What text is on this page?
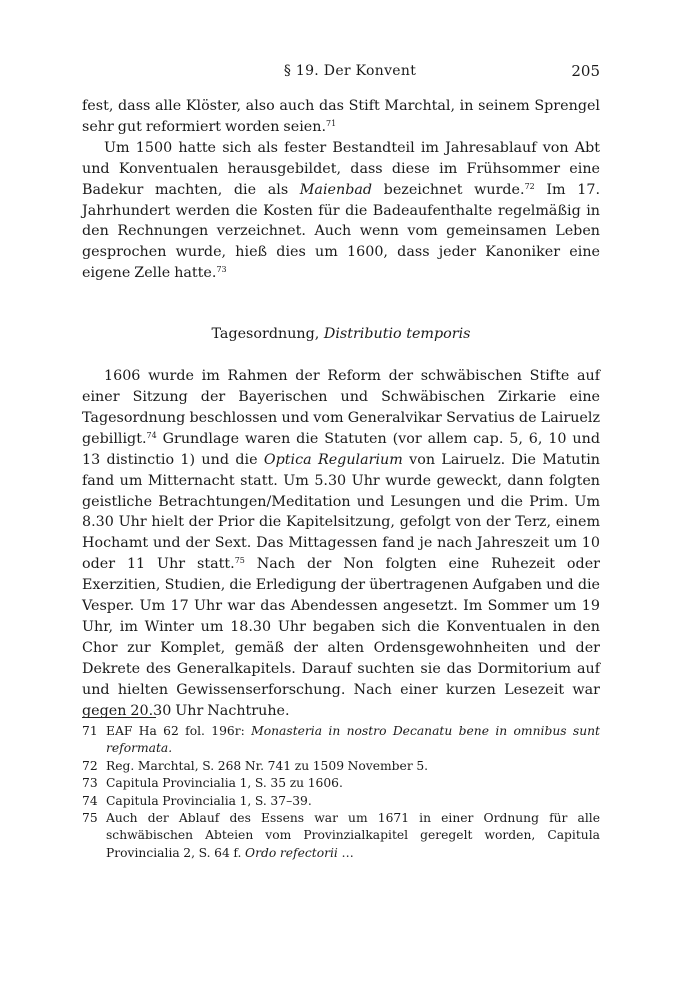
§ 19. Der Konvent	205

fest, dass alle Klöster, also auch das Stift Marchtal, in seinem Sprengel sehr gut reformiert worden seien.$^{71}$

Um 1500 hatte sich als fester Bestandteil im Jahresablauf von Abt und Konventualen herausgebildet, dass diese im Frühsommer eine Badekur machten, die als Maienbad bezeichnet wurde.$^{72}$ Im 17. Jahrhundert werden die Kosten für die Badeaufenthalte regelmäßig in den Rechnungen verzeichnet. Auch wenn vom gemeinsamen Leben gesprochen wurde, hieß dies um 1600, dass jeder Kanoniker eine eigene Zelle hatte.$^{73}$

Tagesordnung, Distributio temporis

1606 wurde im Rahmen der Reform der schwäbischen Stifte auf einer Sitzung der Bayerischen und Schwäbischen Zirkarie eine Tagesordnung beschlossen und vom Generalvikar Servatius de Lairuelz gebilligt.$^{74}$ Grundlage waren die Statuten (vor allem cap. 5, 6, 10 und 13 distinctio 1) und die Optica Regularium von Lairuelz. Die Matutin fand um Mitternacht statt. Um 5.30 Uhr wurde geweckt, dann folgten geistliche Betrachtungen/Meditation und Lesungen und die Prim. Um 8.30 Uhr hielt der Prior die Kapitelsitzung, gefolgt von der Terz, einem Hochamt und der Sext. Das Mittagessen fand je nach Jahreszeit um 10 oder 11 Uhr statt.$^{75}$ Nach der Non folgten eine Ruhezeit oder Exerzitien, Studien, die Erledigung der übertragenen Aufgaben und die Vesper. Um 17 Uhr war das Abendessen angesetzt. Im Sommer um 19 Uhr, im Winter um 18.30 Uhr begaben sich die Konventualen in den Chor zur Komplet, gemäß der alten Ordensgewohnheiten und der Dekrete des Generalkapitels. Darauf suchten sie das Dormitorium auf und hielten Gewissenserforschung. Nach einer kurzen Lesezeit war gegen 20.30 Uhr Nachtruhe.

71 EAF Ha 62 fol. 196r: Monasteria in nostro Decanatu bene in omnibus sunt reformata.
72 Reg. Marchtal, S. 268 Nr. 741 zu 1509 November 5.
73 Capitula Provincialia 1, S. 35 zu 1606.
74 Capitula Provincialia 1, S. 37–39.
75 Auch der Ablauf des Essens war um 1671 in einer Ordnung für alle schwäbischen Abteien vom Provinzialkapitel geregelt worden, Capitula Provincialia 2, S. 64 f. Ordo refectorii …
